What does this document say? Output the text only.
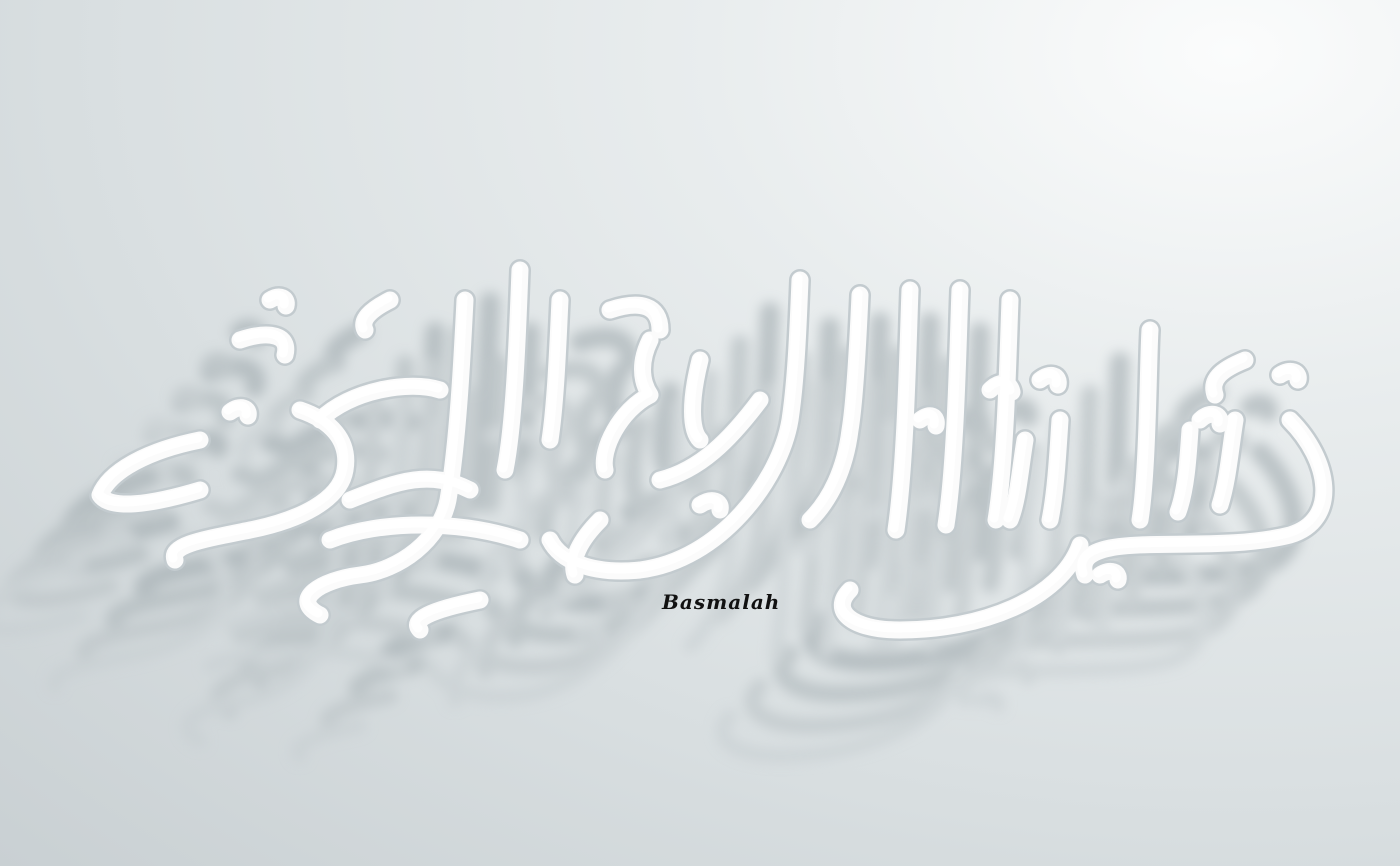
Basmalah
